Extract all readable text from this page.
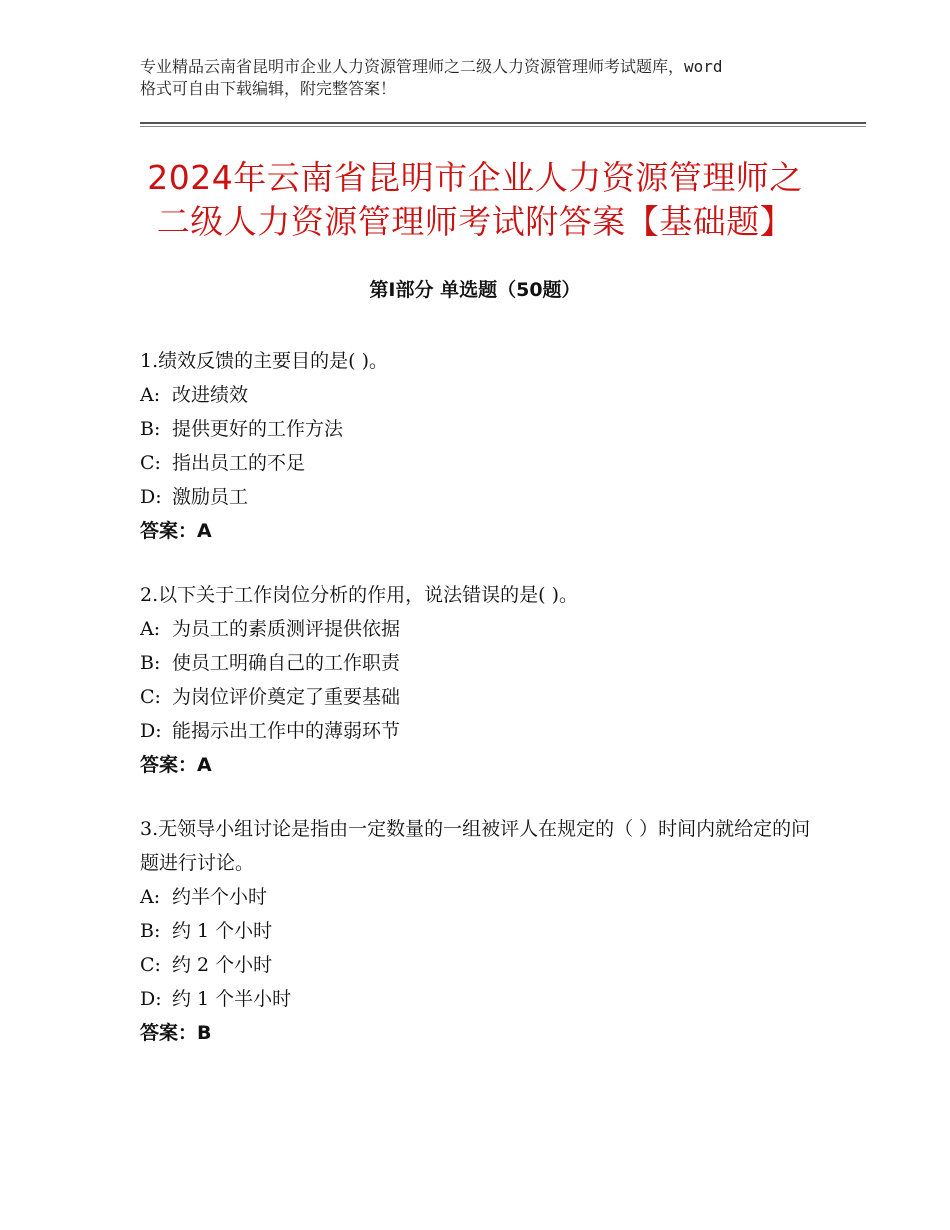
专业精品云南省昆明市企业人力资源管理师之二级人力资源管理师考试题库，word

格式可自由下载编辑，附完整答案！

2024年云南省昆明市企业人力资源管理师之
二级人力资源管理师考试附答案【基础题】
第Ⅰ部分 单选题（50题）

1.绩效反馈的主要目的是( )。

A: 改进绩效

B: 提供更好的工作方法

C: 指出员工的不足

D: 激励员工

答案：A

2.以下关于工作岗位分析的作用，说法错误的是( )。

A: 为员工的素质测评提供依据

B: 使员工明确自己的工作职责

C: 为岗位评价奠定了重要基础

D: 能揭示出工作中的薄弱环节

答案：A

3.无领导小组讨论是指由一定数量的一组被评人在规定的（ ）时间内就给定的问题进行讨论。

A: 约半个小时

B: 约 1 个小时

C: 约 2 个小时

D: 约 1 个半小时

答案：B
